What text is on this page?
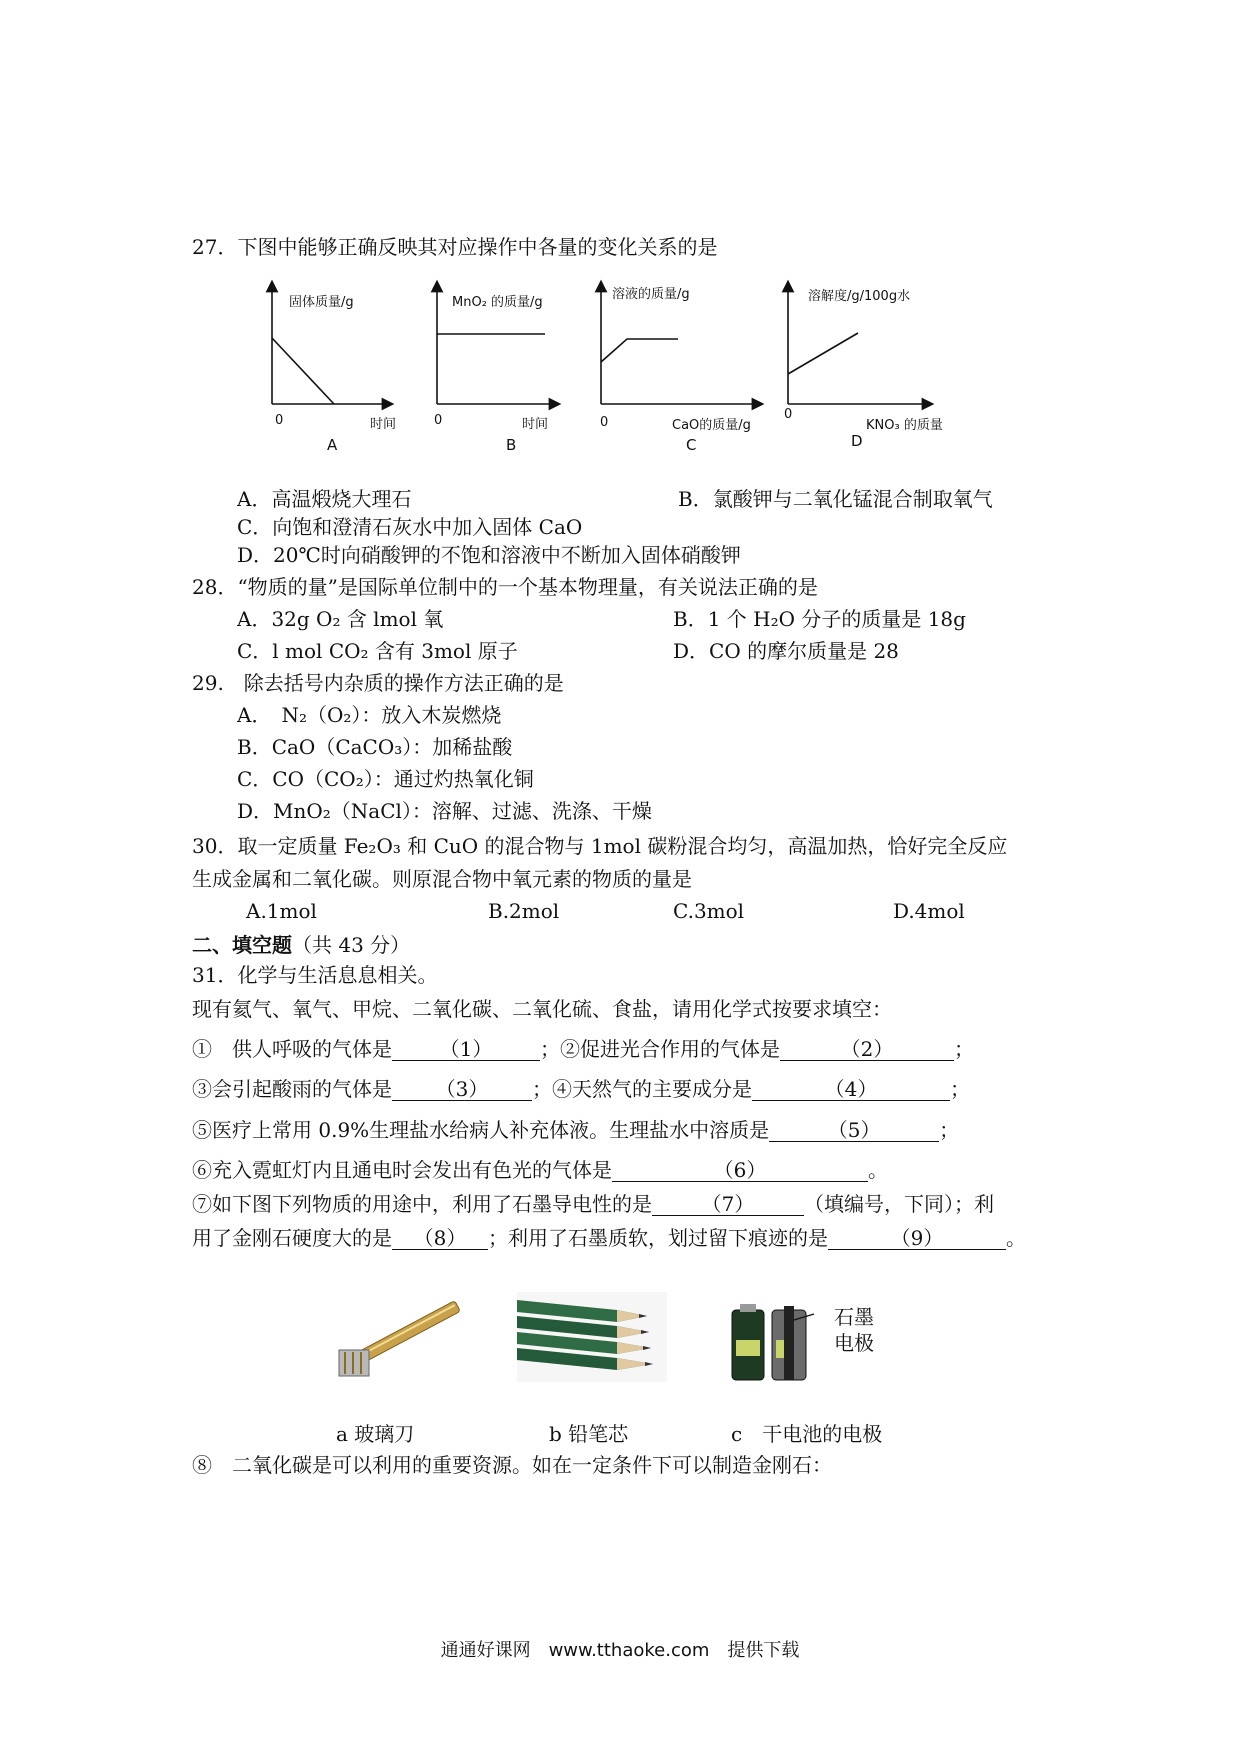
27．下图中能够正确反映其对应操作中各量的变化关系的是
固体质量/g
0	时间
A
MnO₂ 的质量/g
0	时间
B
溶液的质量/g
0	CaO的质量/g
C
溶解度/g/100g水
0
KNO₃ 的质量
D
A．高温煅烧大理石	B．氯酸钾与二氧化锰混合制取氧气
C．向饱和澄清石灰水中加入固体 CaO
D．20℃时向硝酸钾的不饱和溶液中不断加入固体硝酸钾
28．“物质的量”是国际单位制中的一个基本物理量，有关说法正确的是
A．32g O₂ 含 lmol 氧	B．1 个 H₂O 分子的质量是 18g
C．l mol CO₂ 含有 3mol 原子	D．CO 的摩尔质量是 28
29.　除去括号内杂质的操作方法正确的是
A．　N₂（O₂）：放入木炭燃烧
B．CaO（CaCO₃）：加稀盐酸
C．CO（CO₂）：通过灼热氧化铜
D．MnO₂（NaCl）：溶解、过滤、洗涤、干燥
30．取一定质量 Fe₂O₃ 和 CuO 的混合物与 1mol 碳粉混合均匀，高温加热，恰好完全反应
生成金属和二氧化碳。则原混合物中氧元素的物质的量是
A.1mol	B.2mol	C.3mol	D.4mol
二、填空题（共 43 分）
31．化学与生活息息相关。
现有氦气、氧气、甲烷、二氧化碳、二氧化硫、食盐，请用化学式按要求填空：
①　供人呼吸的气体是 （1） ；②促进光合作用的气体是	（2）	；
③会引起酸雨的气体是 （3） ；④天然气的主要成分是	（4）	；
⑤医疗上常用 0.9%生理盐水给病人补充体液。生理盐水中溶质是	（5）	；
⑥充入霓虹灯内且通电时会发出有色光的气体是	（6）	。
⑦如下图下列物质的用途中，利用了石墨导电性的是 （7） （填编号，下同）；利
用了金刚石硬度大的是 （8） ；利用了石墨质软，划过留下痕迹的是	（9）	。
石墨电极
a 玻璃刀	b 铅笔芯	c　干电池的电极
⑧　二氧化碳是可以利用的重要资源。如在一定条件下可以制造金刚石：
通通好课网　www.tthaoke.com　提供下载
